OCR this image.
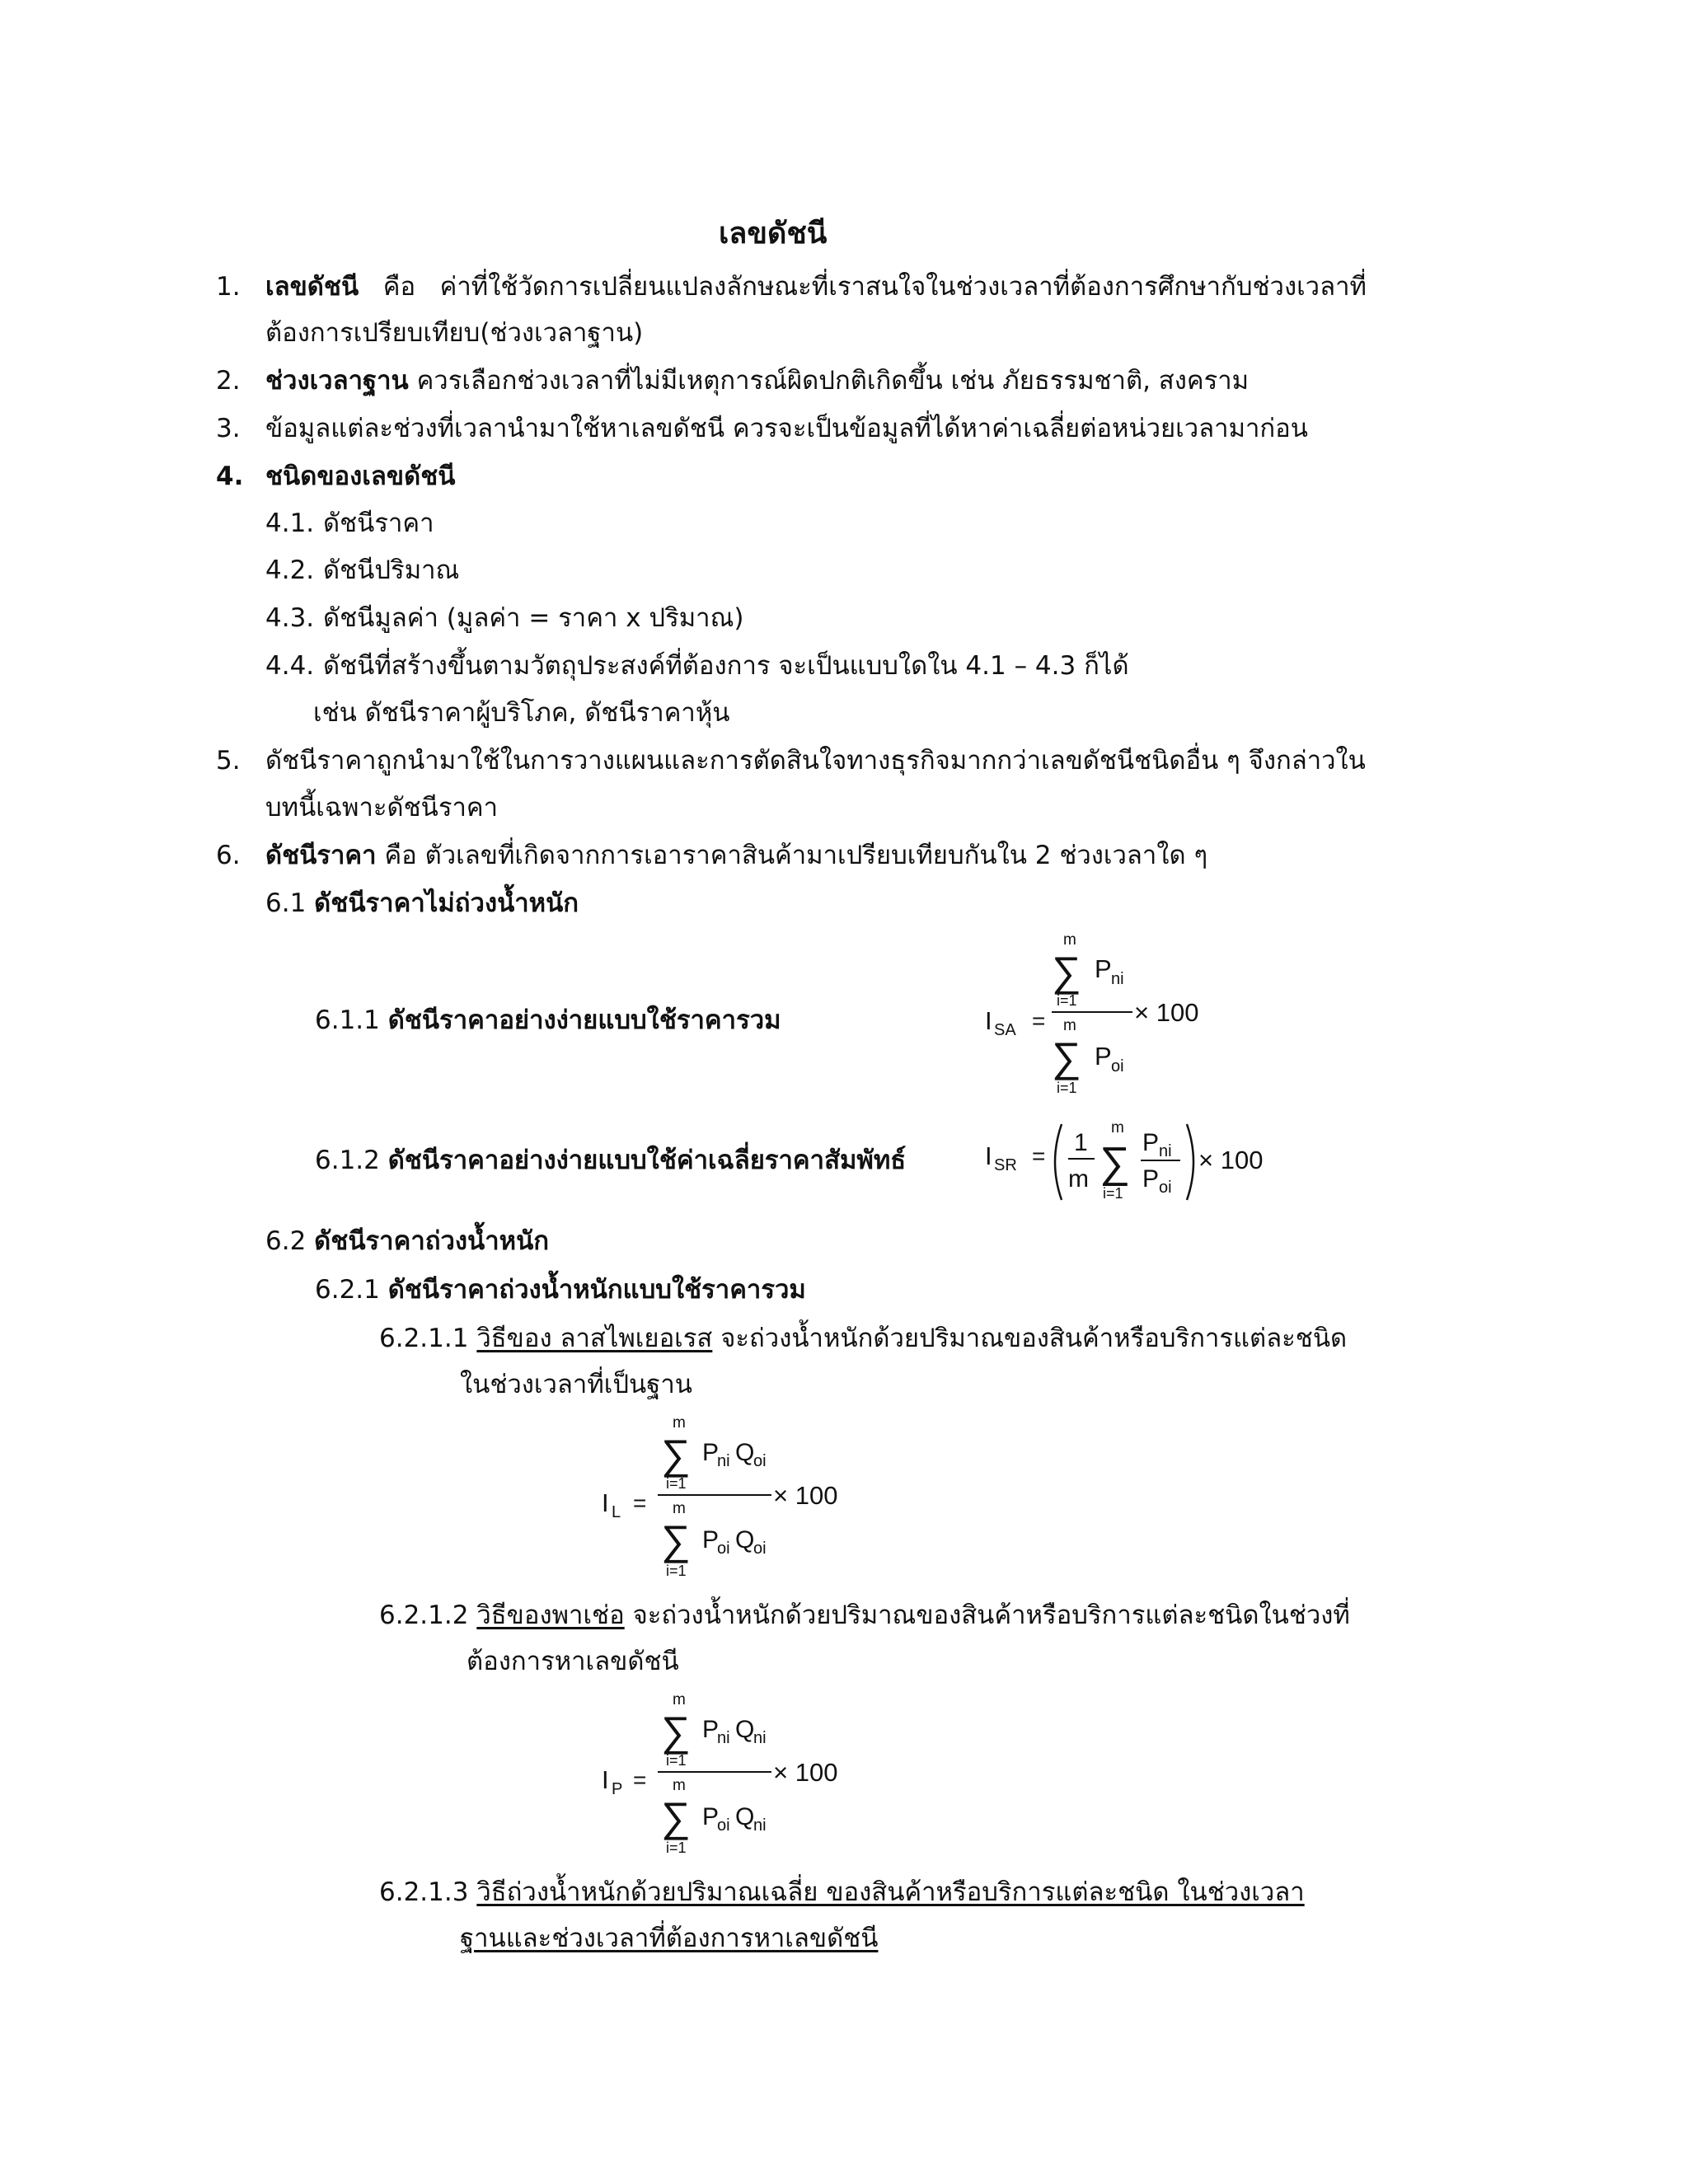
เลขดัชนี
1. เลขดัชนี คือ ค่าที่ใช้วัดการเปลี่ยนแปลงลักษณะที่เราสนใจในช่วงเวลาที่ต้องการศึกษากับช่วงเวลาที่
ต้องการเปรียบเทียบ(ช่วงเวลาฐาน)
2. ช่วงเวลาฐาน ควรเลือกช่วงเวลาที่ไม่มีเหตุการณ์ผิดปกติเกิดขึ้น เช่น ภัยธรรมชาติ, สงคราม
3. ข้อมูลแต่ละช่วงที่เวลานำมาใช้หาเลขดัชนี ควรจะเป็นข้อมูลที่ได้หาค่าเฉลี่ยต่อหน่วยเวลามาก่อน
4. ชนิดของเลขดัชนี
4.1. ดัชนีราคา
4.2. ดัชนีปริมาณ
4.3. ดัชนีมูลค่า (มูลค่า = ราคา x ปริมาณ)
4.4. ดัชนีที่สร้างขึ้นตามวัตถุประสงค์ที่ต้องการ จะเป็นแบบใดใน 4.1 – 4.3 ก็ได้
เช่น ดัชนีราคาผู้บริโภค, ดัชนีราคาหุ้น
5. ดัชนีราคาถูกนำมาใช้ในการวางแผนและการตัดสินใจทางธุรกิจมากกว่าเลขดัชนีชนิดอื่น ๆ จึงกล่าวใน
บทนี้เฉพาะดัชนีราคา
6. ดัชนีราคา คือ ตัวเลขที่เกิดจากการเอาราคาสินค้ามาเปรียบเทียบกันใน 2 ช่วงเวลาใด ๆ
6.1 ดัชนีราคาไม่ถ่วงน้ำหนัก
6.1.1 ดัชนีราคาอย่างง่ายแบบใช้ราคารวม	I SA =
m
∑
i=1
P ni
m
∑
i=1
P oi
× 100
6.1.2 ดัชนีราคาอย่างง่ายแบบใช้ค่าเฉลี่ยราคาสัมพัทธ์	I SR = 1
m
m
∑
i=1
P ni
P oi
× 100
6.2 ดัชนีราคาถ่วงน้ำหนัก
6.2.1 ดัชนีราคาถ่วงน้ำหนักแบบใช้ราคารวม
6.2.1.1 วิธีของ ลาสไพเยอเรส จะถ่วงน้ำหนักด้วยปริมาณของสินค้าหรือบริการแต่ละชนิด
ในช่วงเวลาที่เป็นฐาน
I L =
m
∑
i=1
P
ni Q
oi
m
∑
i=1
P
oi Q
oi
× 100
6.2.1.2 วิธีของพาเช่อ จะถ่วงน้ำหนักด้วยปริมาณของสินค้าหรือบริการแต่ละชนิดในช่วงที่
ต้องการหาเลขดัชนี
I P =
m
∑
i=1
P
ni Q
ni
m
∑
i=1
P
oi Q
ni
× 100
6.2.1.3 วิธีถ่วงน้ำหนักด้วยปริมาณเฉลี่ย ของสินค้าหรือบริการแต่ละชนิด ในช่วงเวลา
ฐานและช่วงเวลาที่ต้องการหาเลขดัชนี
